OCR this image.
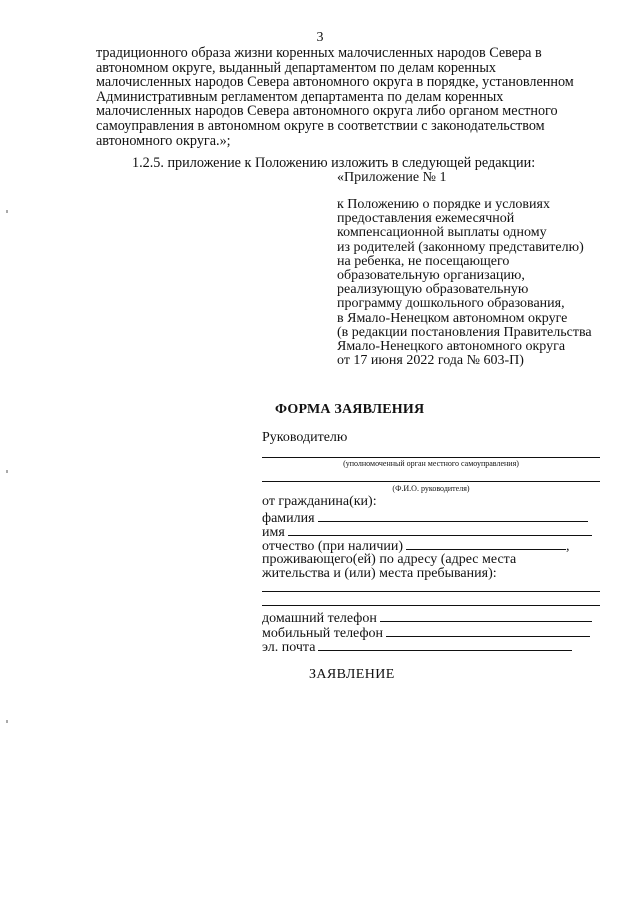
3
традиционного образа жизни коренных малочисленных народов Севера в
автономном округе, выданный департаментом по делам коренных
малочисленных народов Севера автономного округа в порядке, установленном
Административным регламентом департамента по делам коренных
малочисленных народов Севера автономного округа либо органом местного
самоуправления в автономном округе в соответствии с законодательством
автономного округа.»;
1.2.5. приложение к Положению изложить в следующей редакции:
«Приложение № 1
к Положению о порядке и условиях
предоставления ежемесячной
компенсационной выплаты одному
из родителей (законному представителю)
на ребенка, не посещающего
образовательную организацию,
реализующую образовательную
программу дошкольного образования,
в Ямало-Ненецком автономном округе
(в редакции постановления Правительства
Ямало-Ненецкого автономного округа
от 17 июня 2022 года № 603-П)
ФОРМА ЗАЯВЛЕНИЯ
Руководителю
(уполномоченный орган местного самоуправления)
(Ф.И.О. руководителя)
от гражданина(ки):
фамилия
имя
отчество (при наличии)	,
проживающего(ей) по адресу (адрес места
жительства и (или) места пребывания):
домашний телефон
мобильный телефон
эл. почта
ЗАЯВЛЕНИЕ
